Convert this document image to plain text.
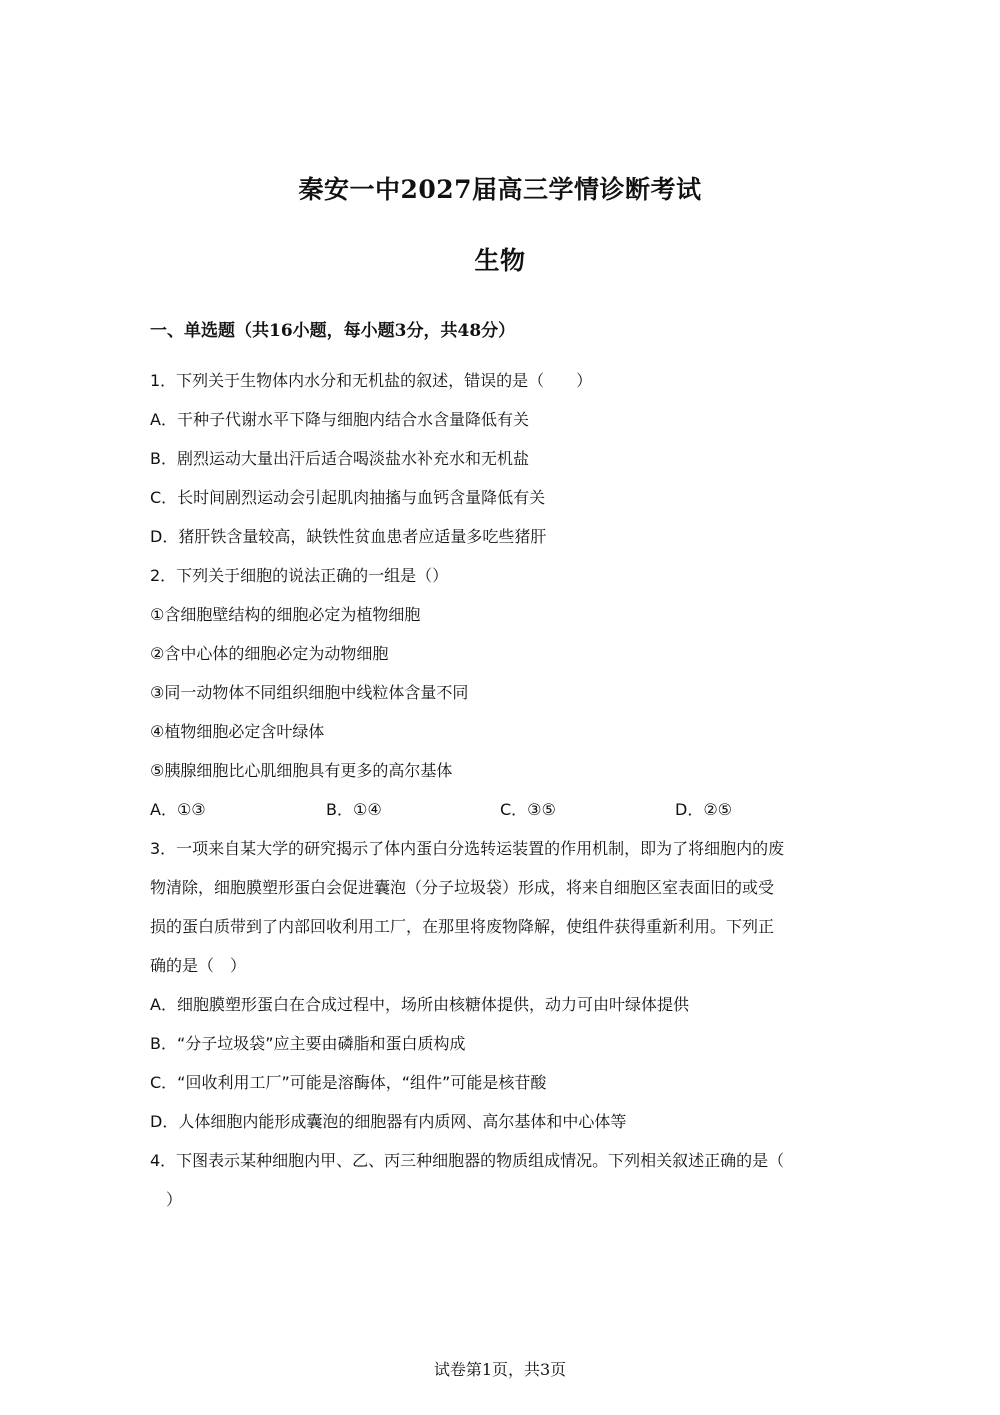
秦安一中2027届高三学情诊断考试
生物
一、单选题（共16小题，每小题3分，共48分）
1．下列关于生物体内水分和无机盐的叙述，错误的是（　　）
A．干种子代谢水平下降与细胞内结合水含量降低有关
B．剧烈运动大量出汗后适合喝淡盐水补充水和无机盐
C．长时间剧烈运动会引起肌肉抽搐与血钙含量降低有关
D．猪肝铁含量较高，缺铁性贫血患者应适量多吃些猪肝
2．下列关于细胞的说法正确的一组是（）
①含细胞壁结构的细胞必定为植物细胞
②含中心体的细胞必定为动物细胞
③同一动物体不同组织细胞中线粒体含量不同
④植物细胞必定含叶绿体
⑤胰腺细胞比心肌细胞具有更多的高尔基体
A．①③	B．①④	C．③⑤	D．②⑤
3．一项来自某大学的研究揭示了体内蛋白分选转运装置的作用机制，即为了将细胞内的废
物清除，细胞膜塑形蛋白会促进囊泡（分子垃圾袋）形成，将来自细胞区室表面旧的或受
损的蛋白质带到了内部回收利用工厂，在那里将废物降解，使组件获得重新利用。下列正
确的是（　）
A．细胞膜塑形蛋白在合成过程中，场所由核糖体提供，动力可由叶绿体提供
B．“分子垃圾袋”应主要由磷脂和蛋白质构成
C．“回收利用工厂”可能是溶酶体，“组件”可能是核苷酸
D．人体细胞内能形成囊泡的细胞器有内质网、高尔基体和中心体等
4．下图表示某种细胞内甲、乙、丙三种细胞器的物质组成情况。下列相关叙述正确的是（
　）
试卷第1页，共3页
